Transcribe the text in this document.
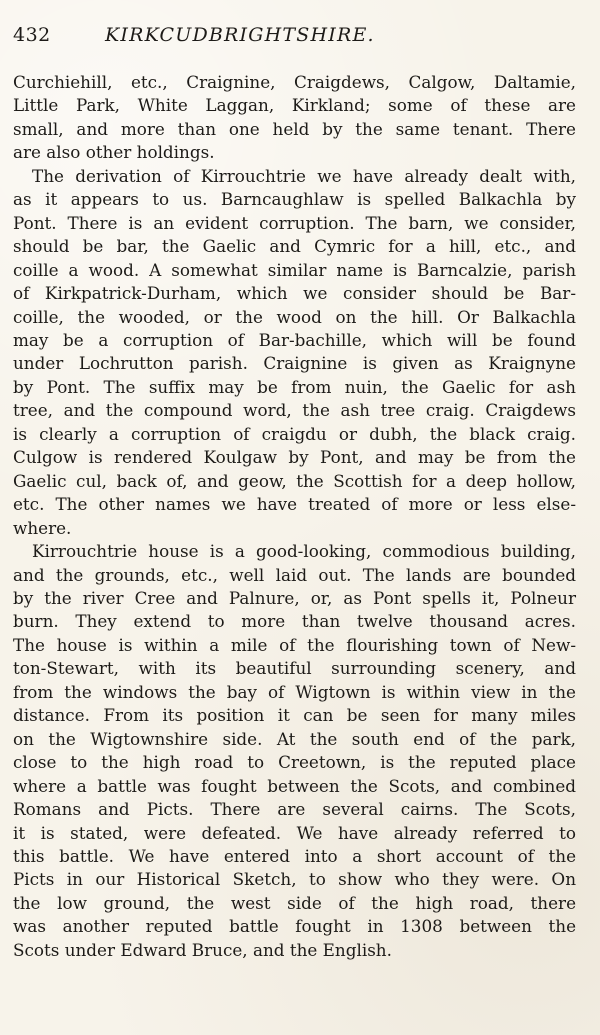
432	KIRKCUDBRIGHTSHIRE.
Curchiehill, etc., Craignine, Craigdews, Calgow, Daltamie,
Little Park, White Laggan, Kirkland; some of these are
small, and more than one held by the same tenant. There
are also other holdings.
The derivation of Kirrouchtrie we have already dealt with,
as it appears to us. Barncaughlaw is spelled Balkachla by
Pont. There is an evident corruption. The barn, we consider,
should be bar, the Gaelic and Cymric for a hill, etc., and
coille a wood. A somewhat similar name is Barncalzie, parish
of Kirkpatrick-Durham, which we consider should be Bar-
coille, the wooded, or the wood on the hill. Or Balkachla
may be a corruption of Bar-bachille, which will be found
under Lochrutton parish. Craignine is given as Kraignyne
by Pont. The suffix may be from nuin, the Gaelic for ash
tree, and the compound word, the ash tree craig. Craigdews
is clearly a corruption of craigdu or dubh, the black craig.
Culgow is rendered Koulgaw by Pont, and may be from the
Gaelic cul, back of, and geow, the Scottish for a deep hollow,
etc. The other names we have treated of more or less else-
where.
Kirrouchtrie house is a good-looking, commodious building,
and the grounds, etc., well laid out. The lands are bounded
by the river Cree and Palnure, or, as Pont spells it, Polneur
burn. They extend to more than twelve thousand acres.
The house is within a mile of the flourishing town of New-
ton-Stewart, with its beautiful surrounding scenery, and
from the windows the bay of Wigtown is within view in the
distance. From its position it can be seen for many miles
on the Wigtownshire side. At the south end of the park,
close to the high road to Creetown, is the reputed place
where a battle was fought between the Scots, and combined
Romans and Picts. There are several cairns. The Scots,
it is stated, were defeated. We have already referred to
this battle. We have entered into a short account of the
Picts in our Historical Sketch, to show who they were. On
the low ground, the west side of the high road, there
was another reputed battle fought in 1308 between the
Scots under Edward Bruce, and the English.
